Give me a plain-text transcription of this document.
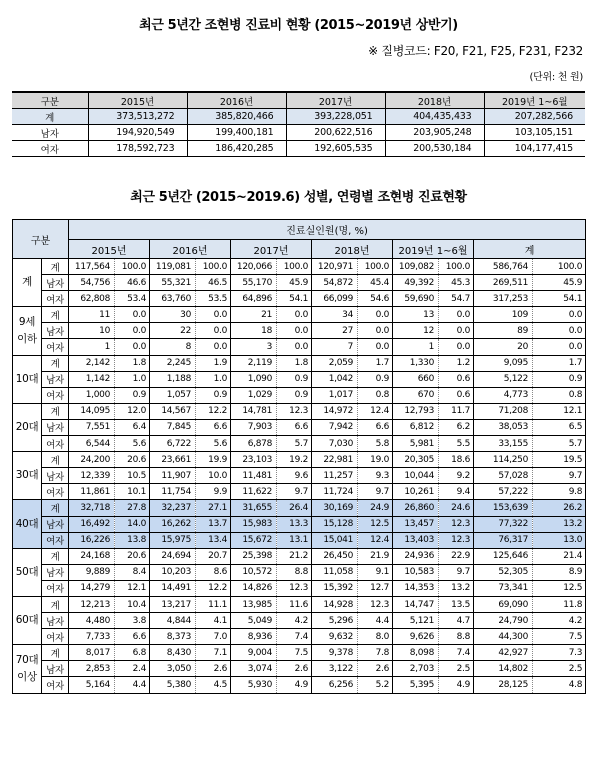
최근 5년간 조현병 진료비 현황 (2015~2019년 상반기)
※ 질병코드: F20, F21, F25, F231, F232
(단위: 천 원)
구분	2015년	2016년	2017년	2018년	2019년 1~6월
계	373,513,272	385,820,466	393,228,051	404,435,433	207,282,566
남자	194,920,549	199,400,181	200,622,516	203,905,248	103,105,151
여자	178,592,723	186,420,285	192,605,535	200,530,184	104,177,415
최근 5년간 (2015~2019.6) 성별, 연령별 조현병 진료현황
구분		진료실인원(명, %)											
		2015년		2016년		2017년		2018년		2019년 1~6월		계	
계	계	117,564	100.0	119,081	100.0	120,066	100.0	120,971	100.0	109,082	100.0	586,764	100.0
	남자	54,756	46.6	55,321	46.5	55,170	45.9	54,872	45.4	49,392	45.3	269,511	45.9
	여자	62,808	53.4	63,760	53.5	64,896	54.1	66,099	54.6	59,690	54.7	317,253	54.1
9세 이하	계	11	0.0	30	0.0	21	0.0	34	0.0	13	0.0	109	0.0
	남자	10	0.0	22	0.0	18	0.0	27	0.0	12	0.0	89	0.0
	여자	1	0.0	8	0.0	3	0.0	7	0.0	1	0.0	20	0.0
10대	계	2,142	1.8	2,245	1.9	2,119	1.8	2,059	1.7	1,330	1.2	9,095	1.7
	남자	1,142	1.0	1,188	1.0	1,090	0.9	1,042	0.9	660	0.6	5,122	0.9
	여자	1,000	0.9	1,057	0.9	1,029	0.9	1,017	0.8	670	0.6	4,773	0.8
20대	계	14,095	12.0	14,567	12.2	14,781	12.3	14,972	12.4	12,793	11.7	71,208	12.1
	남자	7,551	6.4	7,845	6.6	7,903	6.6	7,942	6.6	6,812	6.2	38,053	6.5
	여자	6,544	5.6	6,722	5.6	6,878	5.7	7,030	5.8	5,981	5.5	33,155	5.7
30대	계	24,200	20.6	23,661	19.9	23,103	19.2	22,981	19.0	20,305	18.6	114,250	19.5
	남자	12,339	10.5	11,907	10.0	11,481	9.6	11,257	9.3	10,044	9.2	57,028	9.7
	여자	11,861	10.1	11,754	9.9	11,622	9.7	11,724	9.7	10,261	9.4	57,222	9.8
40대	계	32,718	27.8	32,237	27.1	31,655	26.4	30,169	24.9	26,860	24.6	153,639	26.2
	남자	16,492	14.0	16,262	13.7	15,983	13.3	15,128	12.5	13,457	12.3	77,322	13.2
	여자	16,226	13.8	15,975	13.4	15,672	13.1	15,041	12.4	13,403	12.3	76,317	13.0
50대	계	24,168	20.6	24,694	20.7	25,398	21.2	26,450	21.9	24,936	22.9	125,646	21.4
	남자	9,889	8.4	10,203	8.6	10,572	8.8	11,058	9.1	10,583	9.7	52,305	8.9
	여자	14,279	12.1	14,491	12.2	14,826	12.3	15,392	12.7	14,353	13.2	73,341	12.5
60대	계	12,213	10.4	13,217	11.1	13,985	11.6	14,928	12.3	14,747	13.5	69,090	11.8
	남자	4,480	3.8	4,844	4.1	5,049	4.2	5,296	4.4	5,121	4.7	24,790	4.2
	여자	7,733	6.6	8,373	7.0	8,936	7.4	9,632	8.0	9,626	8.8	44,300	7.5
70대 이상	계	8,017	6.8	8,430	7.1	9,004	7.5	9,378	7.8	8,098	7.4	42,927	7.3
	남자	2,853	2.4	3,050	2.6	3,074	2.6	3,122	2.6	2,703	2.5	14,802	2.5
	여자	5,164	4.4	5,380	4.5	5,930	4.9	6,256	5.2	5,395	4.9	28,125	4.8
